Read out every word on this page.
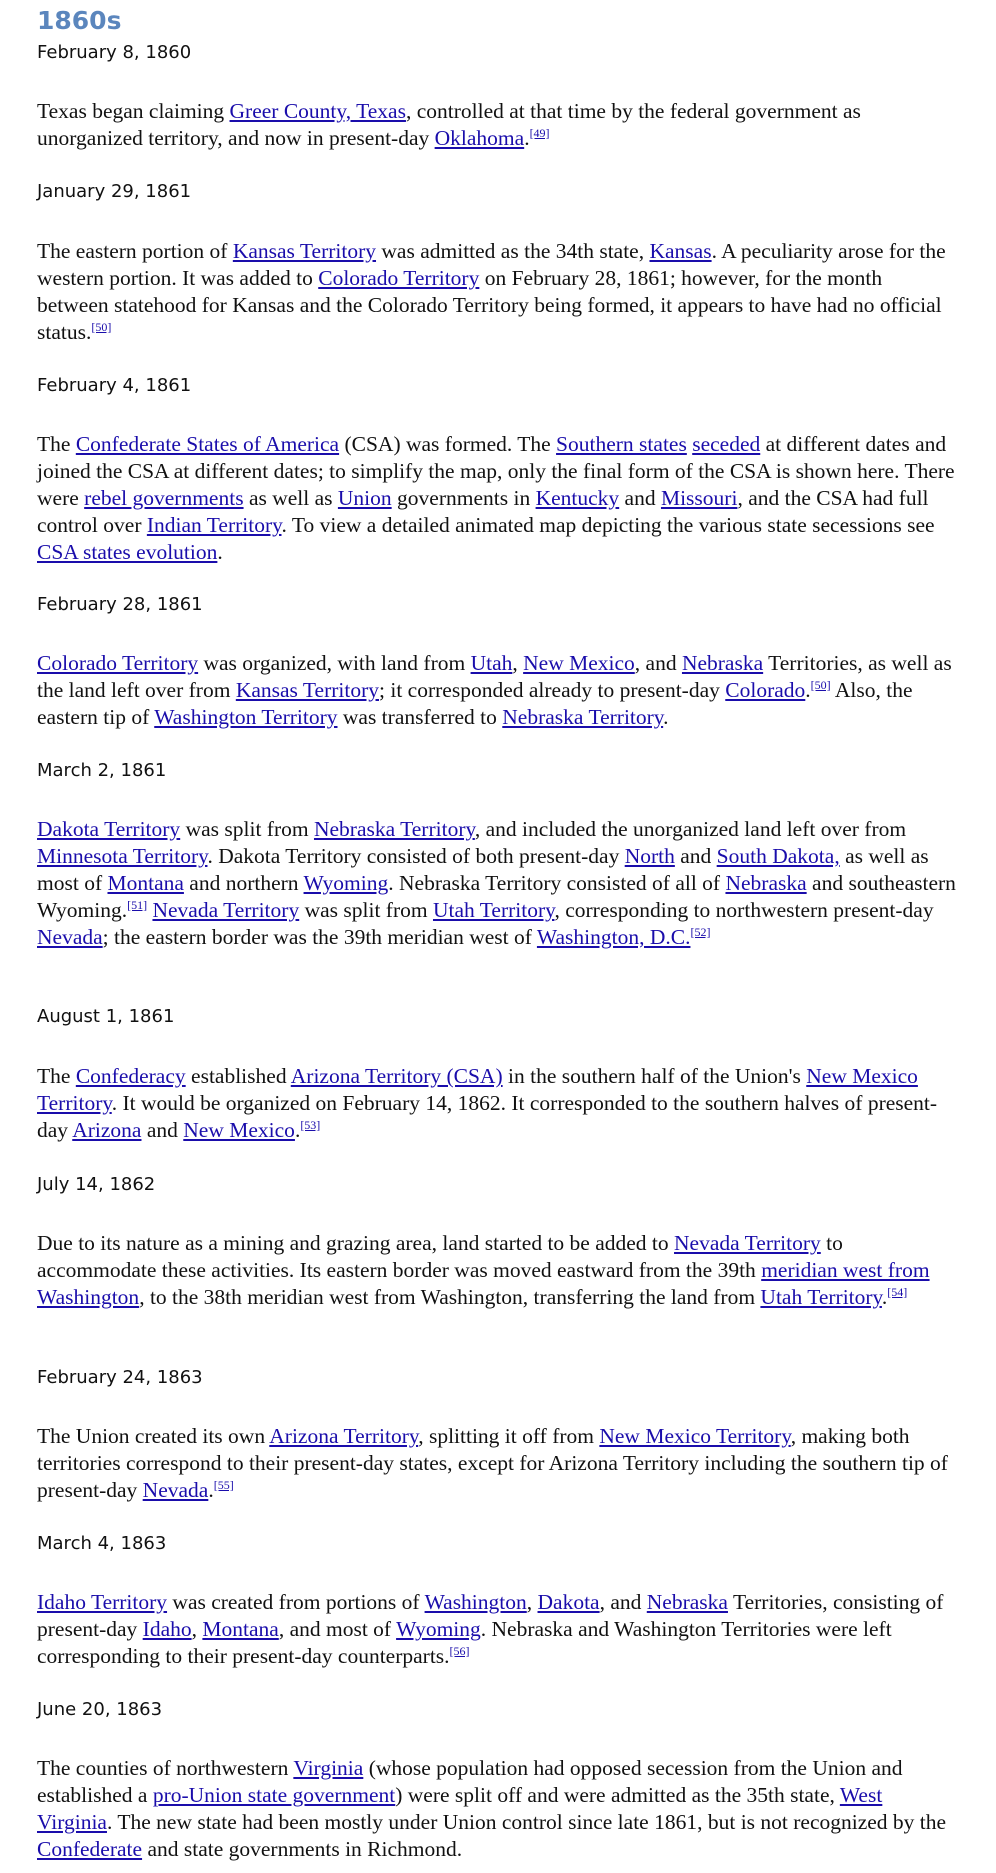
1860s
February 8, 1860

Texas began claiming Greer County, Texas, controlled at that time by the federal government as unorganized territory, and now in present-day Oklahoma.[49]

January 29, 1861

The eastern portion of Kansas Territory was admitted as the 34th state, Kansas. A peculiarity arose for the western portion. It was added to Colorado Territory on February 28, 1861; however, for the month between statehood for Kansas and the Colorado Territory being formed, it appears to have had no official status.[50]

February 4, 1861

The Confederate States of America (CSA) was formed. The Southern states seceded at different dates and joined the CSA at different dates; to simplify the map, only the final form of the CSA is shown here. There were rebel governments as well as Union governments in Kentucky and Missouri, and the CSA had full control over Indian Territory. To view a detailed animated map depicting the various state secessions see CSA states evolution.

February 28, 1861

Colorado Territory was organized, with land from Utah, New Mexico, and Nebraska Territories, as well as the land left over from Kansas Territory; it corresponded already to present-day Colorado.[50] Also, the eastern tip of Washington Territory was transferred to Nebraska Territory.

March 2, 1861

Dakota Territory was split from Nebraska Territory, and included the unorganized land left over from Minnesota Territory. Dakota Territory consisted of both present-day North and South Dakota, as well as most of Montana and northern Wyoming. Nebraska Territory consisted of all of Nebraska and southeastern Wyoming.[51] Nevada Territory was split from Utah Territory, corresponding to northwestern present-day Nevada; the eastern border was the 39th meridian west of Washington, D.C.[52]

August 1, 1861

The Confederacy established Arizona Territory (CSA) in the southern half of the Union's New Mexico Territory. It would be organized on February 14, 1862. It corresponded to the southern halves of present-day Arizona and New Mexico.[53]

July 14, 1862

Due to its nature as a mining and grazing area, land started to be added to Nevada Territory to accommodate these activities. Its eastern border was moved eastward from the 39th meridian west from Washington, to the 38th meridian west from Washington, transferring the land from Utah Territory.[54]

February 24, 1863

The Union created its own Arizona Territory, splitting it off from New Mexico Territory, making both territories correspond to their present-day states, except for Arizona Territory including the southern tip of present-day Nevada.[55]

March 4, 1863

Idaho Territory was created from portions of Washington, Dakota, and Nebraska Territories, consisting of present-day Idaho, Montana, and most of Wyoming. Nebraska and Washington Territories were left corresponding to their present-day counterparts.[56]

June 20, 1863

The counties of northwestern Virginia (whose population had opposed secession from the Union and established a pro-Union state government) were split off and were admitted as the 35th state, West Virginia. The new state had been mostly under Union control since late 1861, but is not recognized by the Confederate and state governments in Richmond.
